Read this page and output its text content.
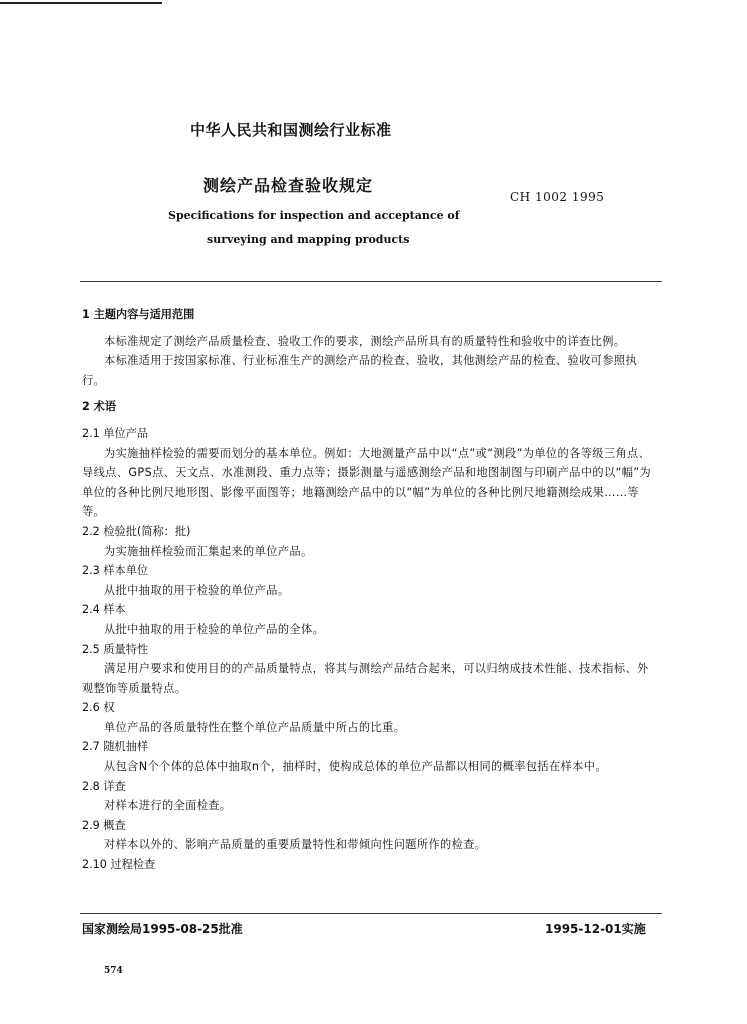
中华人民共和国测绘行业标准
测绘产品检查验收规定
CH 1002 1995
Specifications for inspection and acceptance of
surveying and mapping products

1 主题内容与适用范围

本标准规定了测绘产品质量检查、验收工作的要求，测绘产品所具有的质量特性和验收中的详查比例。

本标准适用于按国家标准、行业标准生产的测绘产品的检查、验收，其他测绘产品的检查、验收可参照执行。

2 术语

2.1 单位产品

为实施抽样检验的需要而划分的基本单位。例如：大地测量产品中以“点”或“测段”为单位的各等级三角点、导线点、GPS点、天文点、水准测段、重力点等；摄影测量与遥感测绘产品和地图制图与印刷产品中的以“幅”为单位的各种比例尺地形图、影像平面图等；地籍测绘产品中的以“幅”为单位的各种比例尺地籍测绘成果……等等。

2.2 检验批(简称：批)

为实施抽样检验而汇集起来的单位产品。

2.3 样本单位

从批中抽取的用于检验的单位产品。

2.4 样本

从批中抽取的用于检验的单位产品的全体。

2.5 质量特性

满足用户要求和使用目的的产品质量特点，将其与测绘产品结合起来，可以归纳成技术性能、技术指标、外观整饰等质量特点。

2.6 权

单位产品的各质量特性在整个单位产品质量中所占的比重。

2.7 随机抽样

从包含N个个体的总体中抽取n个，抽样时，使构成总体的单位产品都以相同的概率包括在样本中。

2.8 详查

对样本进行的全面检查。

2.9 概查

对样本以外的、影响产品质量的重要质量特性和带倾向性问题所作的检查。

2.10 过程检查

国家测绘局1995-08-25批准	1995-12-01实施
574
